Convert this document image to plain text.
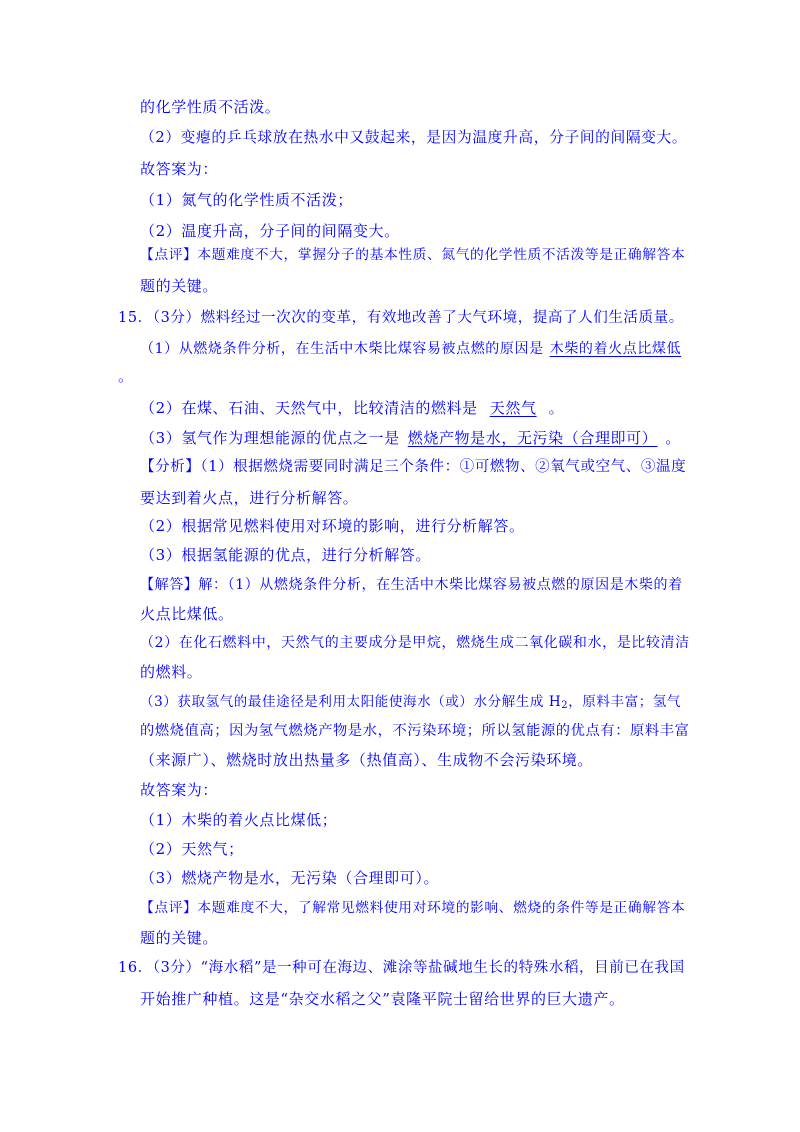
的化学性质不活泼。
（2）变瘪的乒乓球放在热水中又鼓起来，是因为温度升高，分子间的间隔变大。
故答案为：
（1）氮气的化学性质不活泼；
（2）温度升高，分子间的间隔变大。
【点评】本题难度不大，掌握分子的基本性质、氮气的化学性质不活泼等是正确解答本
题的关键。
15．（3分）燃料经过一次次的变革，有效地改善了大气环境，提高了人们生活质量。
（1）从燃烧条件分析，在生活中木柴比煤容易被点燃的原因是 木柴的着火点比煤低
。
（2）在煤、石油、天然气中，比较清洁的燃料是 天然气 。
（3）氢气作为理想能源的优点之一是 燃烧产物是水，无污染（合理即可） 。
【分析】（1）根据燃烧需要同时满足三个条件：①可燃物、②氧气或空气、③温度
要达到着火点，进行分析解答。
（2）根据常见燃料使用对环境的影响，进行分析解答。
（3）根据氢能源的优点，进行分析解答。
【解答】解：（1）从燃烧条件分析，在生活中木柴比煤容易被点燃的原因是木柴的着
火点比煤低。
（2）在化石燃料中，天然气的主要成分是甲烷，燃烧生成二氧化碳和水，是比较清洁
的燃料。
（3）获取氢气的最佳途径是利用太阳能使海水（或）水分解生成 $H_2$，原料丰富；氢气
的燃烧值高；因为氢气燃烧产物是水，不污染环境；所以氢能源的优点有：原料丰富
（来源广）、燃烧时放出热量多（热值高）、生成物不会污染环境。
故答案为：
（1）木柴的着火点比煤低；
（2）天然气；
（3）燃烧产物是水，无污染（合理即可）。
【点评】本题难度不大，了解常见燃料使用对环境的影响、燃烧的条件等是正确解答本
题的关键。
16．（3分）“海水稻”是一种可在海边、滩涂等盐碱地生长的特殊水稻，目前已在我国
开始推广种植。这是“杂交水稻之父”袁隆平院士留给世界的巨大遗产。
